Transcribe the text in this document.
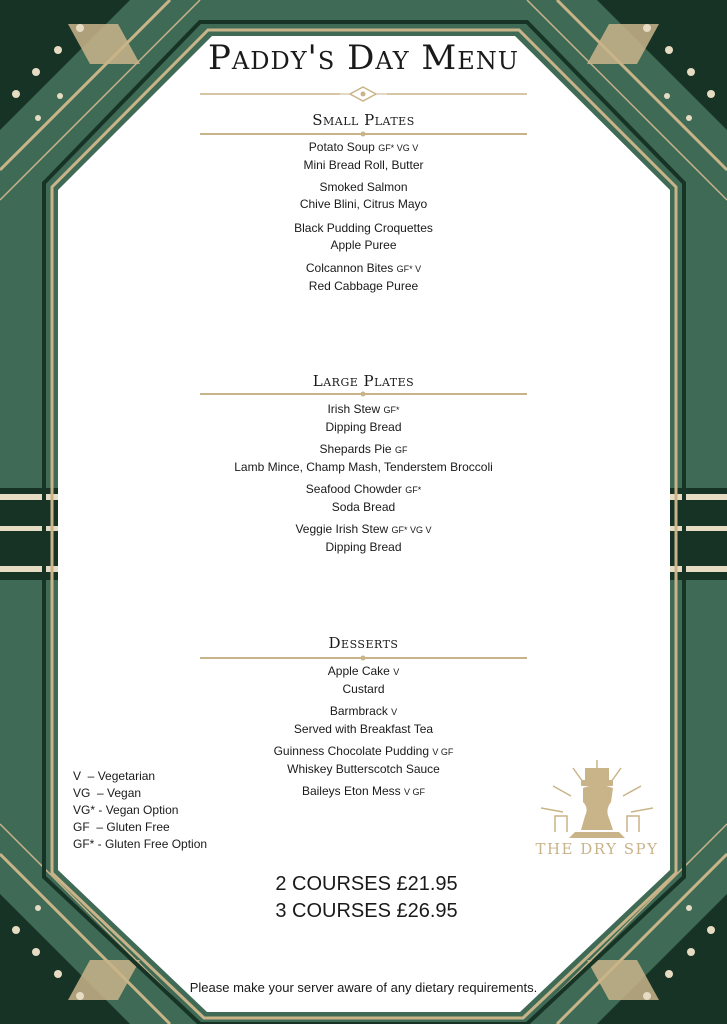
Paddy's Day Menu
Small Plates
Potato Soup GF* VG V
Mini Bread Roll, Butter
Smoked Salmon
Chive Blini, Citrus Mayo
Black Pudding Croquettes
Apple Puree
Colcannon Bites GF* V
Red Cabbage Puree
Large Plates
Irish Stew GF*
Dipping Bread
Shepards Pie GF
Lamb Mince, Champ Mash, Tenderstem Broccoli
Seafood Chowder GF*
Soda Bread
Veggie Irish Stew GF* VG V
Dipping Bread
Desserts
Apple Cake V
Custard
Barmbrack V
Served with Breakfast Tea
Guinness Chocolate Pudding V GF
Whiskey Butterscotch Sauce
Baileys Eton Mess V GF
V  – Vegetarian
VG  – Vegan
VG* - Vegan Option
GF  – Gluten Free
GF* - Gluten Free Option	THE DRY SPY
2 COURSES £21.95
3 COURSES £26.95
Please make your server aware of any dietary requirements.
